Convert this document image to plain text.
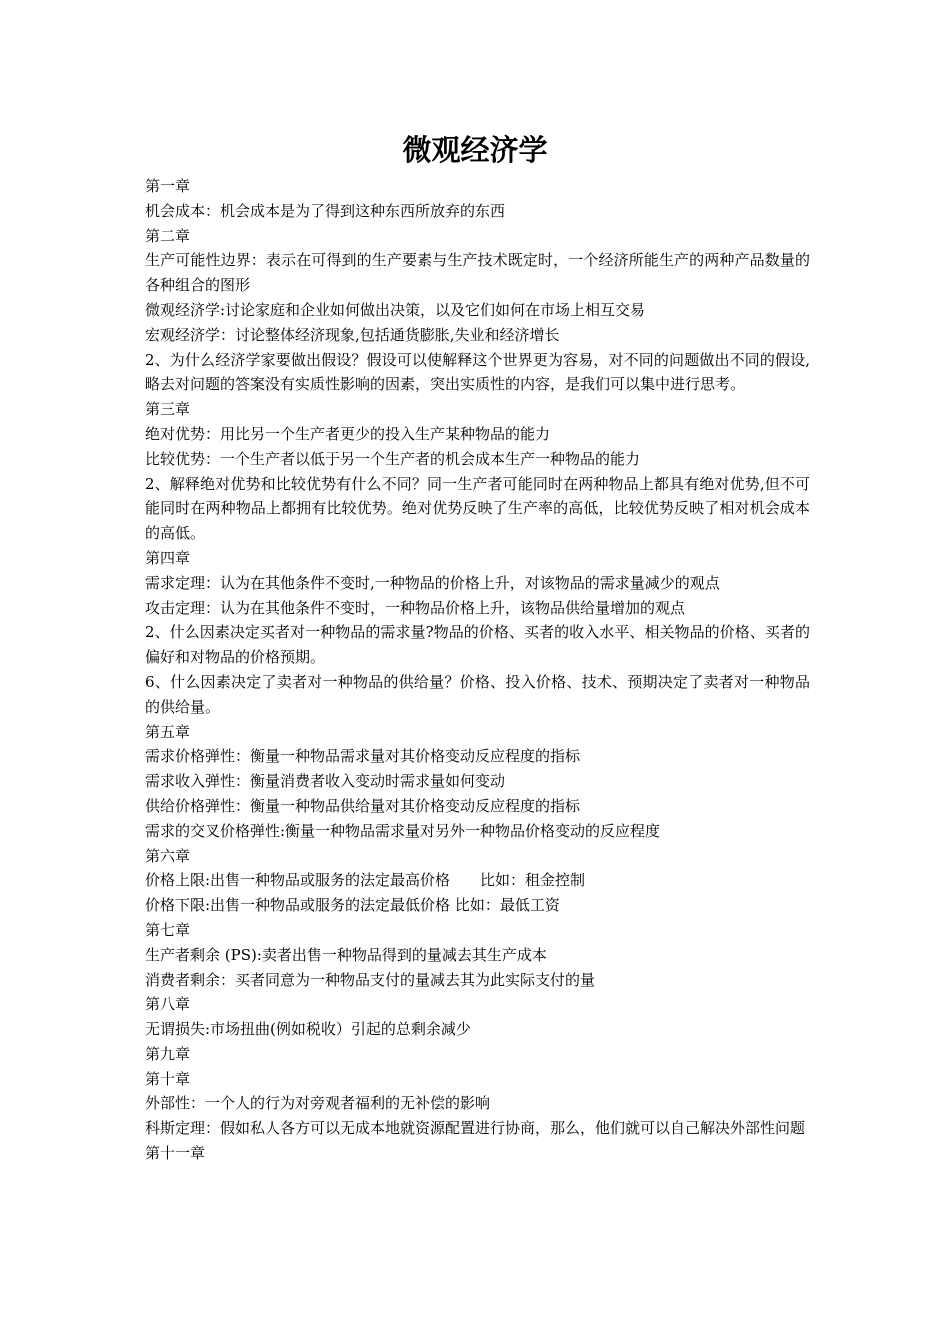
微观经济学

第一章

机会成本：机会成本是为了得到这种东西所放弃的东西

第二章

生产可能性边界：表示在可得到的生产要素与生产技术既定时，一个经济所能生产的两种产品数量的各种组合的图形

微观经济学:讨论家庭和企业如何做出决策，以及它们如何在市场上相互交易

宏观经济学：讨论整体经济现象,包括通货膨胀,失业和经济增长

2、为什么经济学家要做出假设？假设可以使解释这个世界更为容易，对不同的问题做出不同的假设,略去对问题的答案没有实质性影响的因素，突出实质性的内容，是我们可以集中进行思考。

第三章

绝对优势：用比另一个生产者更少的投入生产某种物品的能力

比较优势：一个生产者以低于另一个生产者的机会成本生产一种物品的能力

2、解释绝对优势和比较优势有什么不同？同一生产者可能同时在两种物品上都具有绝对优势,但不可能同时在两种物品上都拥有比较优势。绝对优势反映了生产率的高低，比较优势反映了相对机会成本的高低。

第四章

需求定理：认为在其他条件不变时,一种物品的价格上升，对该物品的需求量减少的观点

攻击定理：认为在其他条件不变时，一种物品价格上升，该物品供给量增加的观点

2、什么因素决定买者对一种物品的需求量?物品的价格、买者的收入水平、相关物品的价格、买者的偏好和对物品的价格预期。

6、什么因素决定了卖者对一种物品的供给量？价格、投入价格、技术、预期决定了卖者对一种物品的供给量。

第五章

需求价格弹性：衡量一种物品需求量对其价格变动反应程度的指标

需求收入弹性：衡量消费者收入变动时需求量如何变动

供给价格弹性：衡量一种物品供给量对其价格变动反应程度的指标

需求的交叉价格弹性:衡量一种物品需求量对另外一种物品价格变动的反应程度

第六章

价格上限:出售一种物品或服务的法定最高价格　　比如：租金控制

价格下限:出售一种物品或服务的法定最低价格 比如：最低工资

第七章

生产者剩余 (PS):卖者出售一种物品得到的量减去其生产成本

消费者剩余：买者同意为一种物品支付的量减去其为此实际支付的量

第八章

无谓损失:市场扭曲(例如税收）引起的总剩余减少

第九章

第十章

外部性：一个人的行为对旁观者福利的无补偿的影响

科斯定理：假如私人各方可以无成本地就资源配置进行协商，那么，他们就可以自己解决外部性问题

第十一章
